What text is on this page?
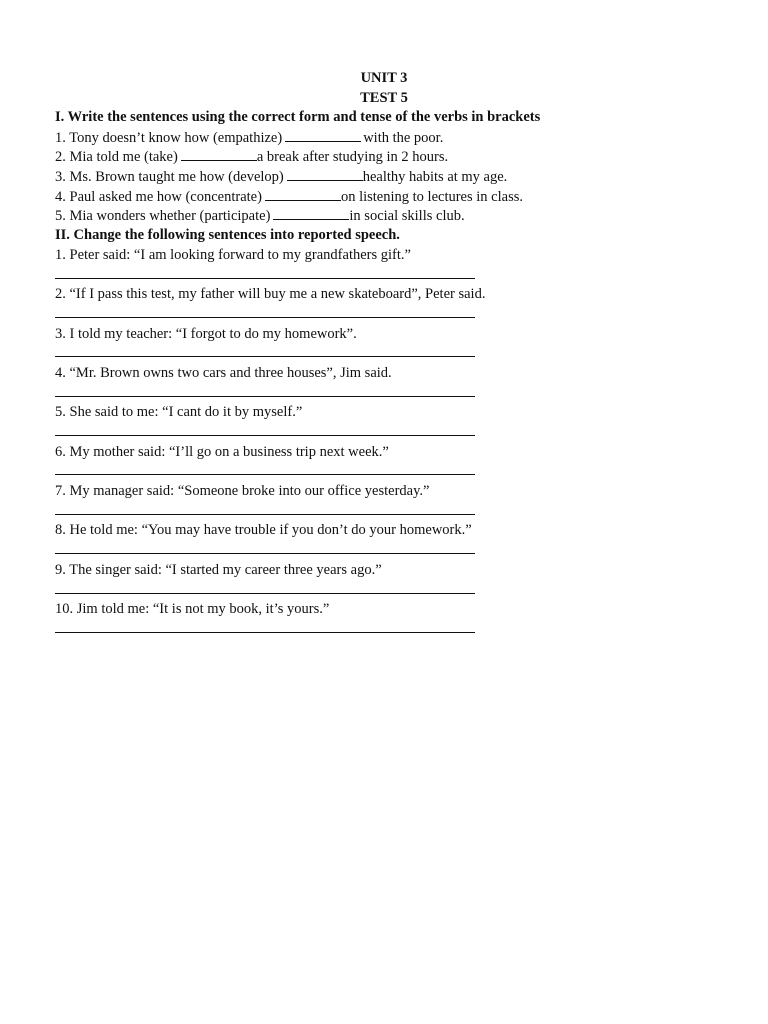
UNIT 3
TEST 5
I. Write the sentences using the correct form and tense of the verbs in brackets
1. Tony doesn’t know how (empathize)	with the poor.
2. Mia told me (take)	a break after studying in 2 hours.
3. Ms. Brown taught me how (develop)	healthy habits at my age.
4. Paul asked me how (concentrate)	on listening to lectures in class.
5. Mia wonders whether (participate)	in social skills club.
II. Change the following sentences into reported speech.
1. Peter said: “I am looking forward to my grandfathers gift.”
2. “If I pass this test, my father will buy me a new skateboard”, Peter said.
3. I told my teacher: “I forgot to do my homework”.
4. “Mr. Brown owns two cars and three houses”, Jim said.
5. She said to me: “I cant do it by myself.”
6. My mother said: “I’ll go on a business trip next week.”
7. My manager said: “Someone broke into our office yesterday.”
8. He told me: “You may have trouble if you don’t do your homework.”
9. The singer said: “I started my career three years ago.”
10. Jim told me: “It is not my book, it’s yours.”
